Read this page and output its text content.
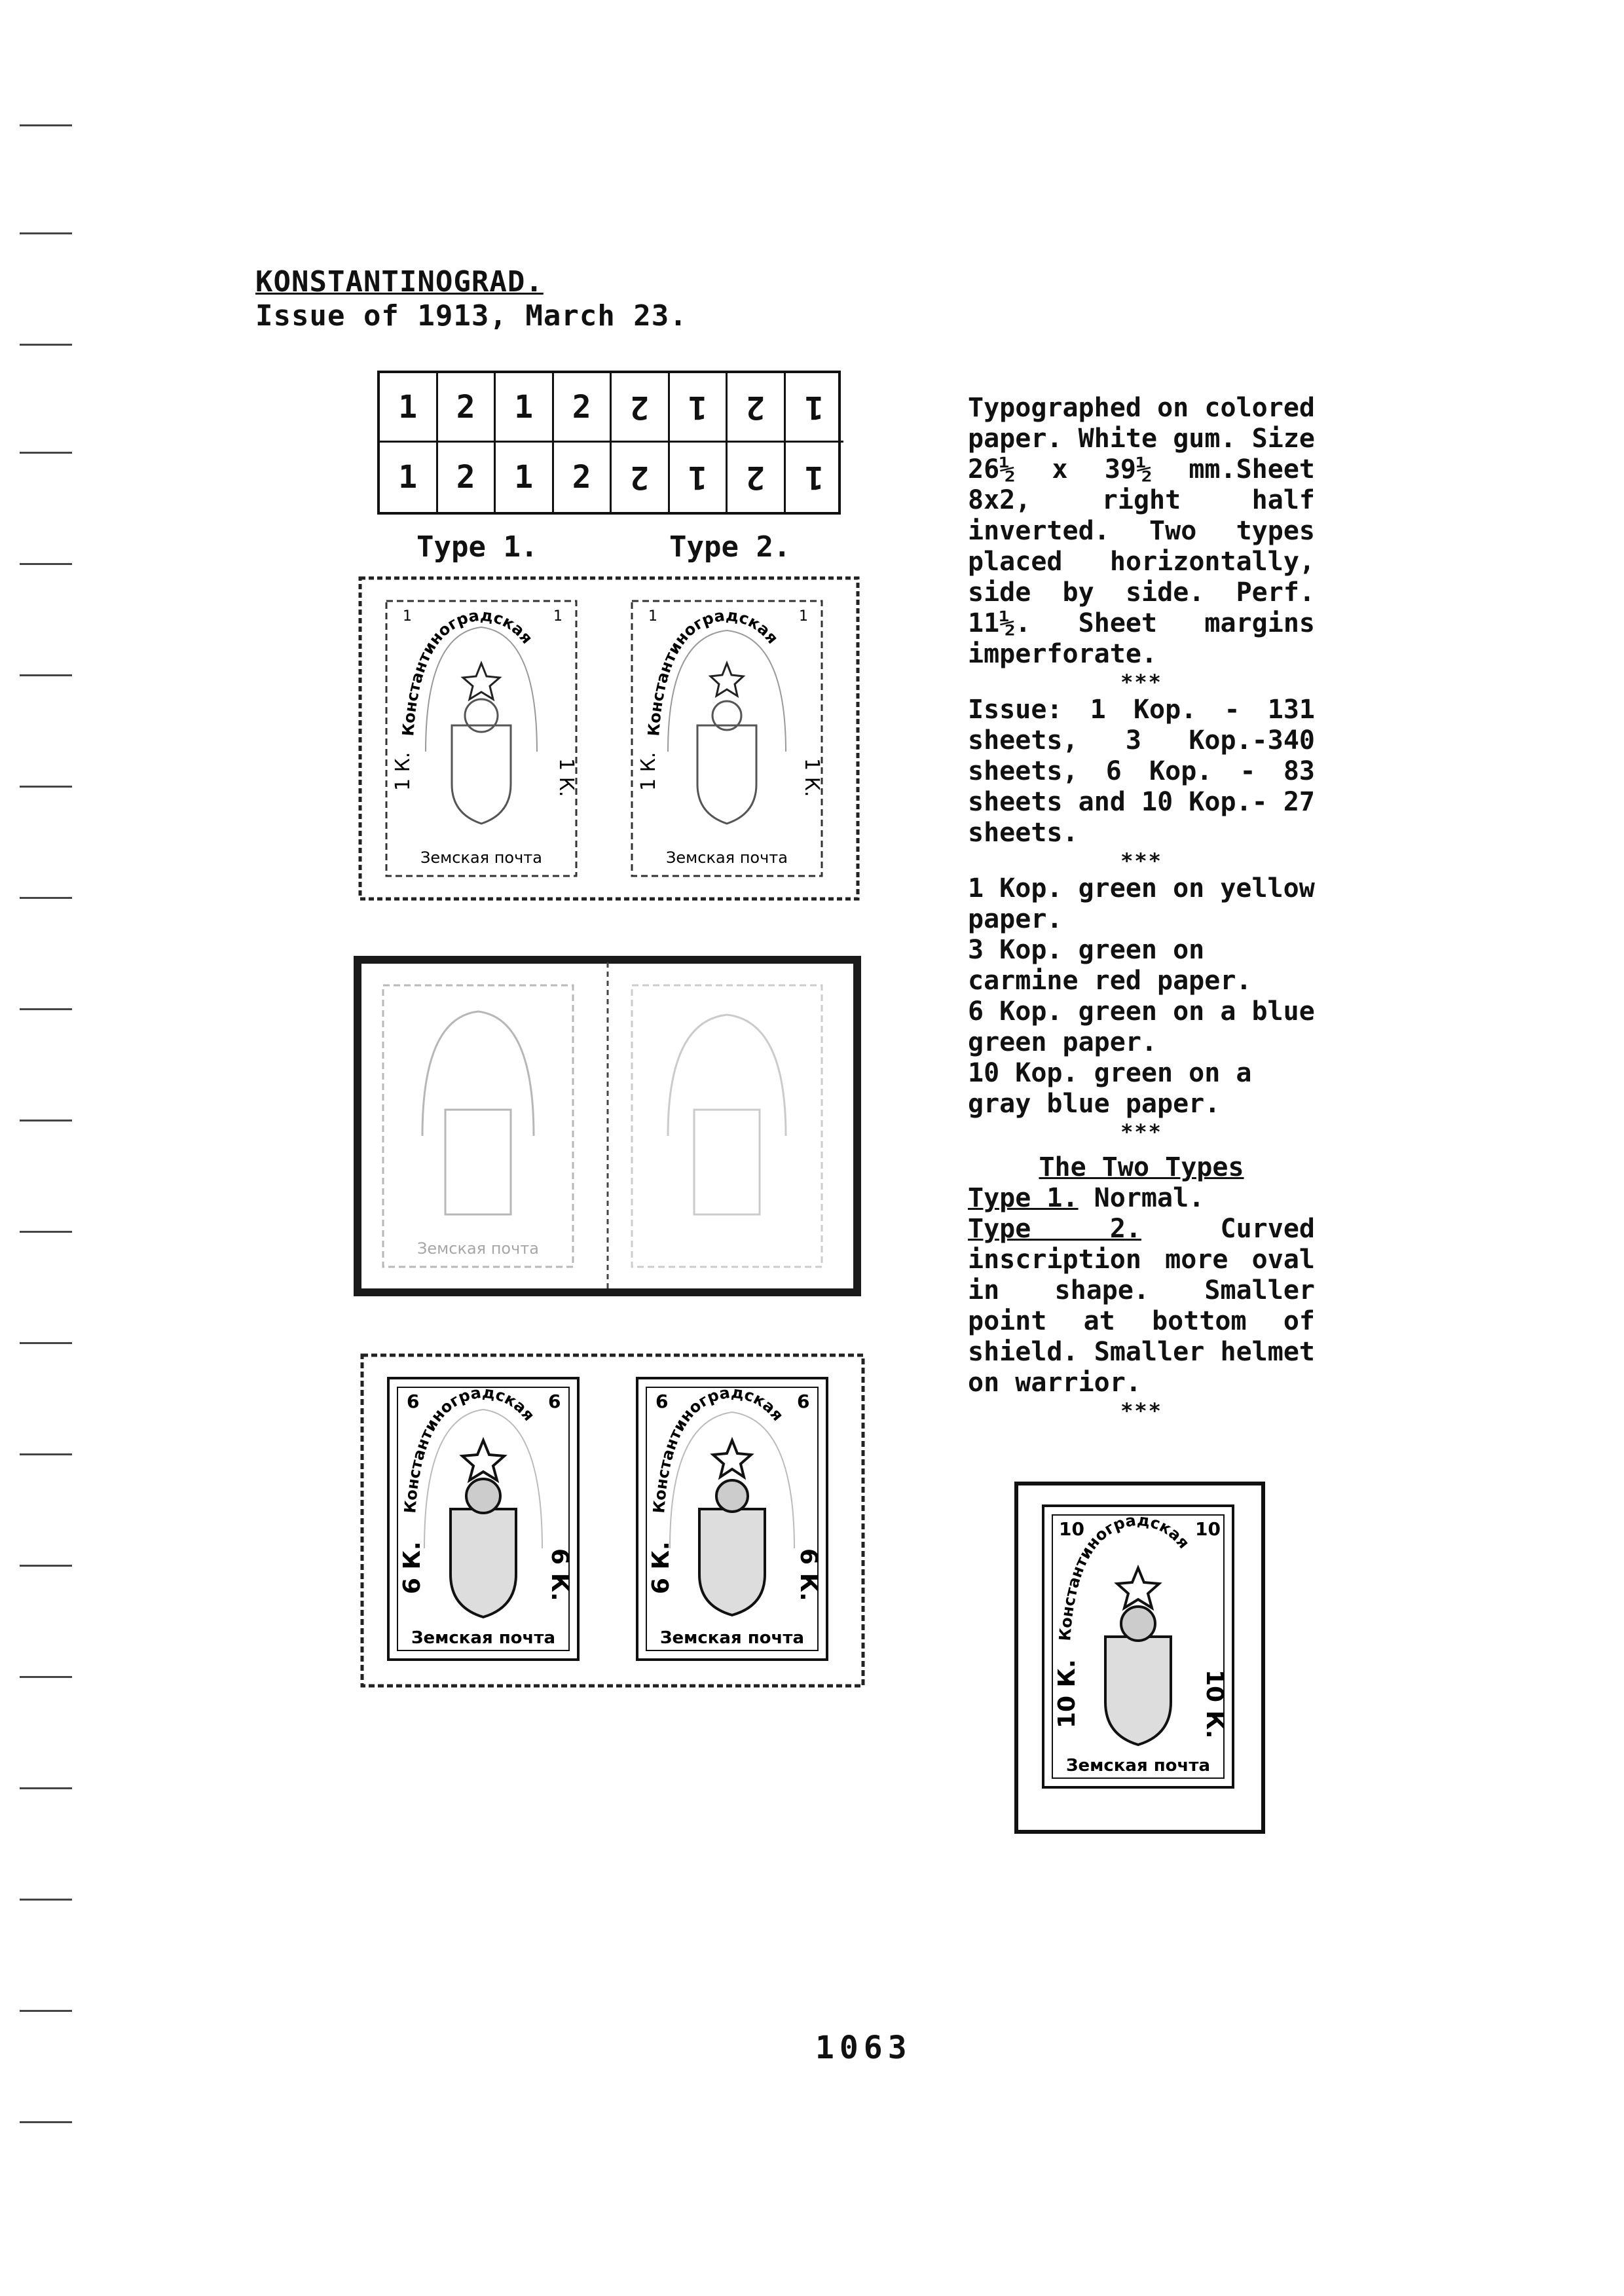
KONSTANTINOGRAD.
Issue of 1913, March 23.
1	2	1	2	2 1 2 1
1	2	1	2	2 1 2 1
Type 1.	Type 2.
1 К.	1 К.
Земская почта
1	1
Константиноградская
1 К.	1 К.
Земская почта
1	1
Константиноградская
Земская почта
6 К.	6 К.
Земская почта
6	6
Константиноградская
6 К.	6 К.
Земская почта
6	6
Константиноградская
10 К.	10 К.
Земская почта
10	10
Константиноградская

Typographed on colored paper. White gum. Size 26½ x 39½ mm.Sheet 8x2, right half inverted. Two types placed horizontally, side by side. Perf. 11½. Sheet margins imperforate.

***

Issue: 1 Kop. - 131 sheets, 3 Kop.-340 sheets, 6 Kop. - 83 sheets and 10 Kop.- 27 sheets.

***

1 Kop. green on yellow paper.

3 Kop. green on carmine red paper.

6 Kop. green on a blue green paper.

10 Kop. green on a gray blue paper.

***

The Two Types

Type 1. Normal.

Type 2. Curved inscription more oval in shape. Smaller point at bottom of shield. Smaller helmet on warrior.

***
1063
